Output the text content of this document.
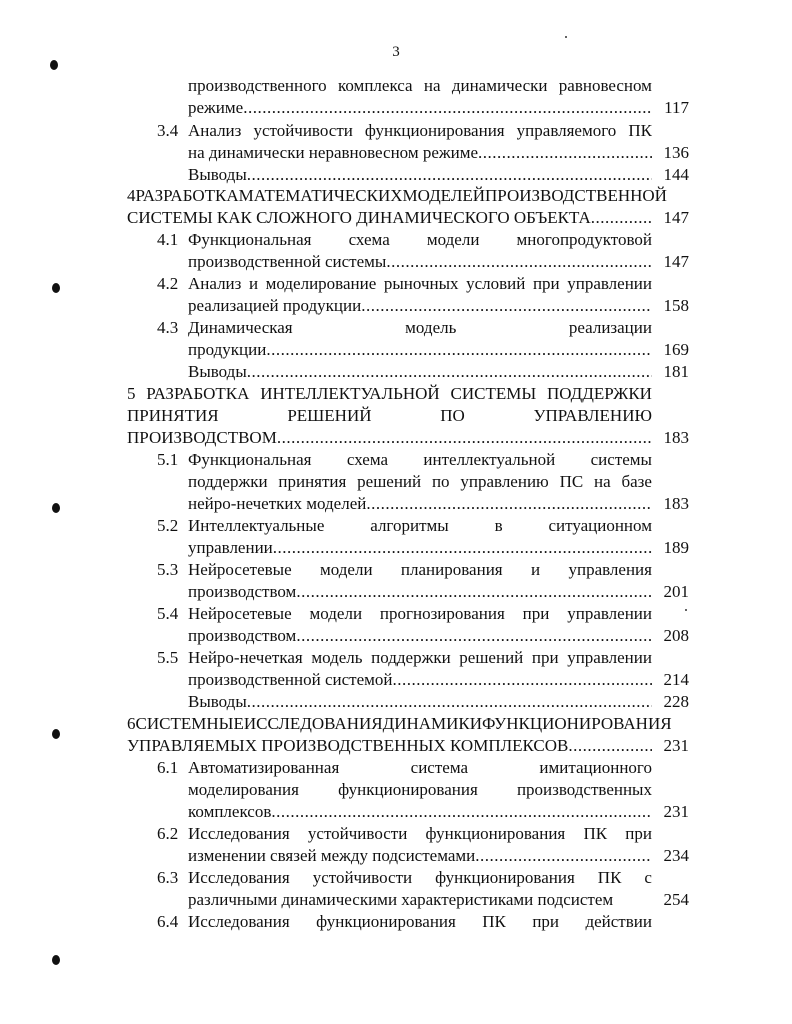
3
производственного комплекса на динамически равновесном
режиме .....	117
3.4 Анализ устойчивости функционирования управляемого ПК
на динамически неравновесном режиме .....	136
Выводы .....	144
4 РАЗРАБОТКА МАТЕМАТИЧЕСКИХ МОДЕЛЕЙ ПРОИЗВОДСТВЕННОЙ
СИСТЕМЫ КАК СЛОЖНОГО ДИНАМИЧЕСКОГО ОБЪЕКТА .....	147
4.1 Функциональная схема модели многопродуктовой
производственной системы .....	147
4.2 Анализ и моделирование рыночных условий при управлении
реализацией продукции .....	158
4.3 Динамическая	модель	реализации
продукции .....	169
Выводы .....	181
5 РАЗРАБОТКА ИНТЕЛЛЕКТУАЛЬНОЙ СИСТЕМЫ ПОДДЕРЖКИ
ПРИНЯТИЯ	РЕШЕНИЙ	ПО	УПРАВЛЕНИЮ
ПРОИЗВОДСТВОМ .....	183
5.1 Функциональная схема интеллектуальной системы
поддержки принятия решений по управлению ПС на базе
нейро-нечетких моделей .....	183
5.2 Интеллектуальные	алгоритмы	в	ситуационном
управлении .....	189
5.3 Нейросетевые модели планирования и управления
производством .....	201
5.4 Нейросетевые модели прогнозирования при управлении
производством .....	208
5.5 Нейро-нечеткая модель поддержки решений при управлении
производственной системой .....	214
Выводы .....	228
6 СИСТЕМНЫЕ ИССЛЕДОВАНИЯ ДИНАМИКИ ФУНКЦИОНИРОВАНИЯ
УПРАВЛЯЕМЫХ ПРОИЗВОДСТВЕННЫХ КОМПЛЕКСОВ .....	231
6.1 Автоматизированная	система	имитационного
моделирования функционирования производственных
комплексов .....	231
6.2 Исследования устойчивости функционирования ПК при
изменении связей между подсистемами .....	234
6.3 Исследования устойчивости функционирования ПК с
различными динамическими характеристиками подсистем	254
6.4 Исследования функционирования ПК при действии
